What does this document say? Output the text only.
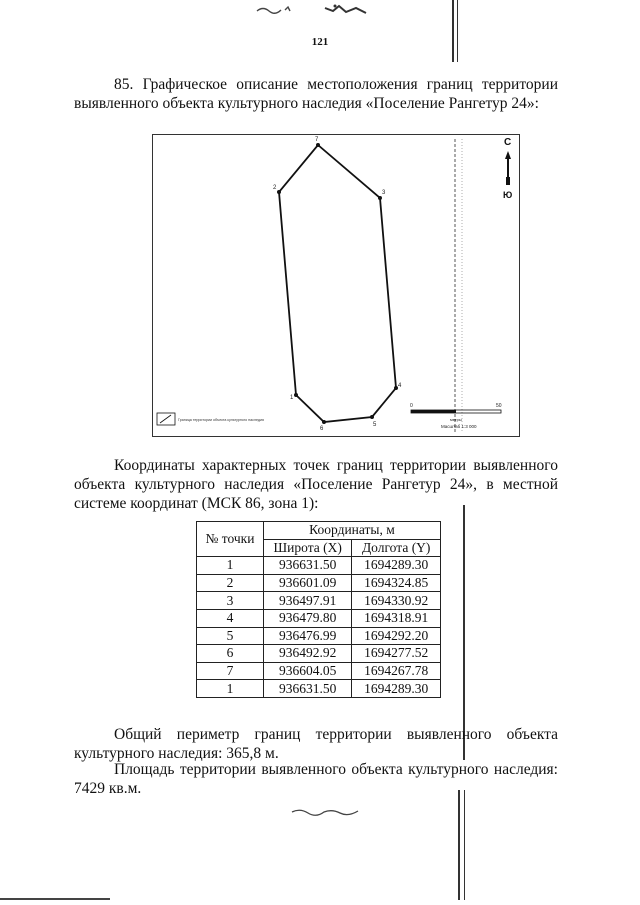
121
85. Графическое описание местоположения границ территории выявленного объекта культурного наследия «Поселение Рангетур 24»:
7
3
4
5
6
1
2
С
Ю
0	50
метры
Масштаб 1:3 000
Граница территории объекта культурного наследия
Координаты характерных точек границ территории выявленного объекта культурного наследия «Поселение Рангетур 24», в местной системе координат (МСК 86, зона 1):
№ точки	Координаты, м	
	Широта (X)	Долгота (Y)
1	936631.50	1694289.30
2	936601.09	1694324.85
3	936497.91	1694330.92
4	936479.80	1694318.91
5	936476.99	1694292.20
6	936492.92	1694277.52
7	936604.05	1694267.78
1	936631.50	1694289.30
Общий периметр границ территории выявленного объекта культурного наследия: 365,8 м.
Площадь территории выявленного объекта культурного наследия: 7429 кв.м.
